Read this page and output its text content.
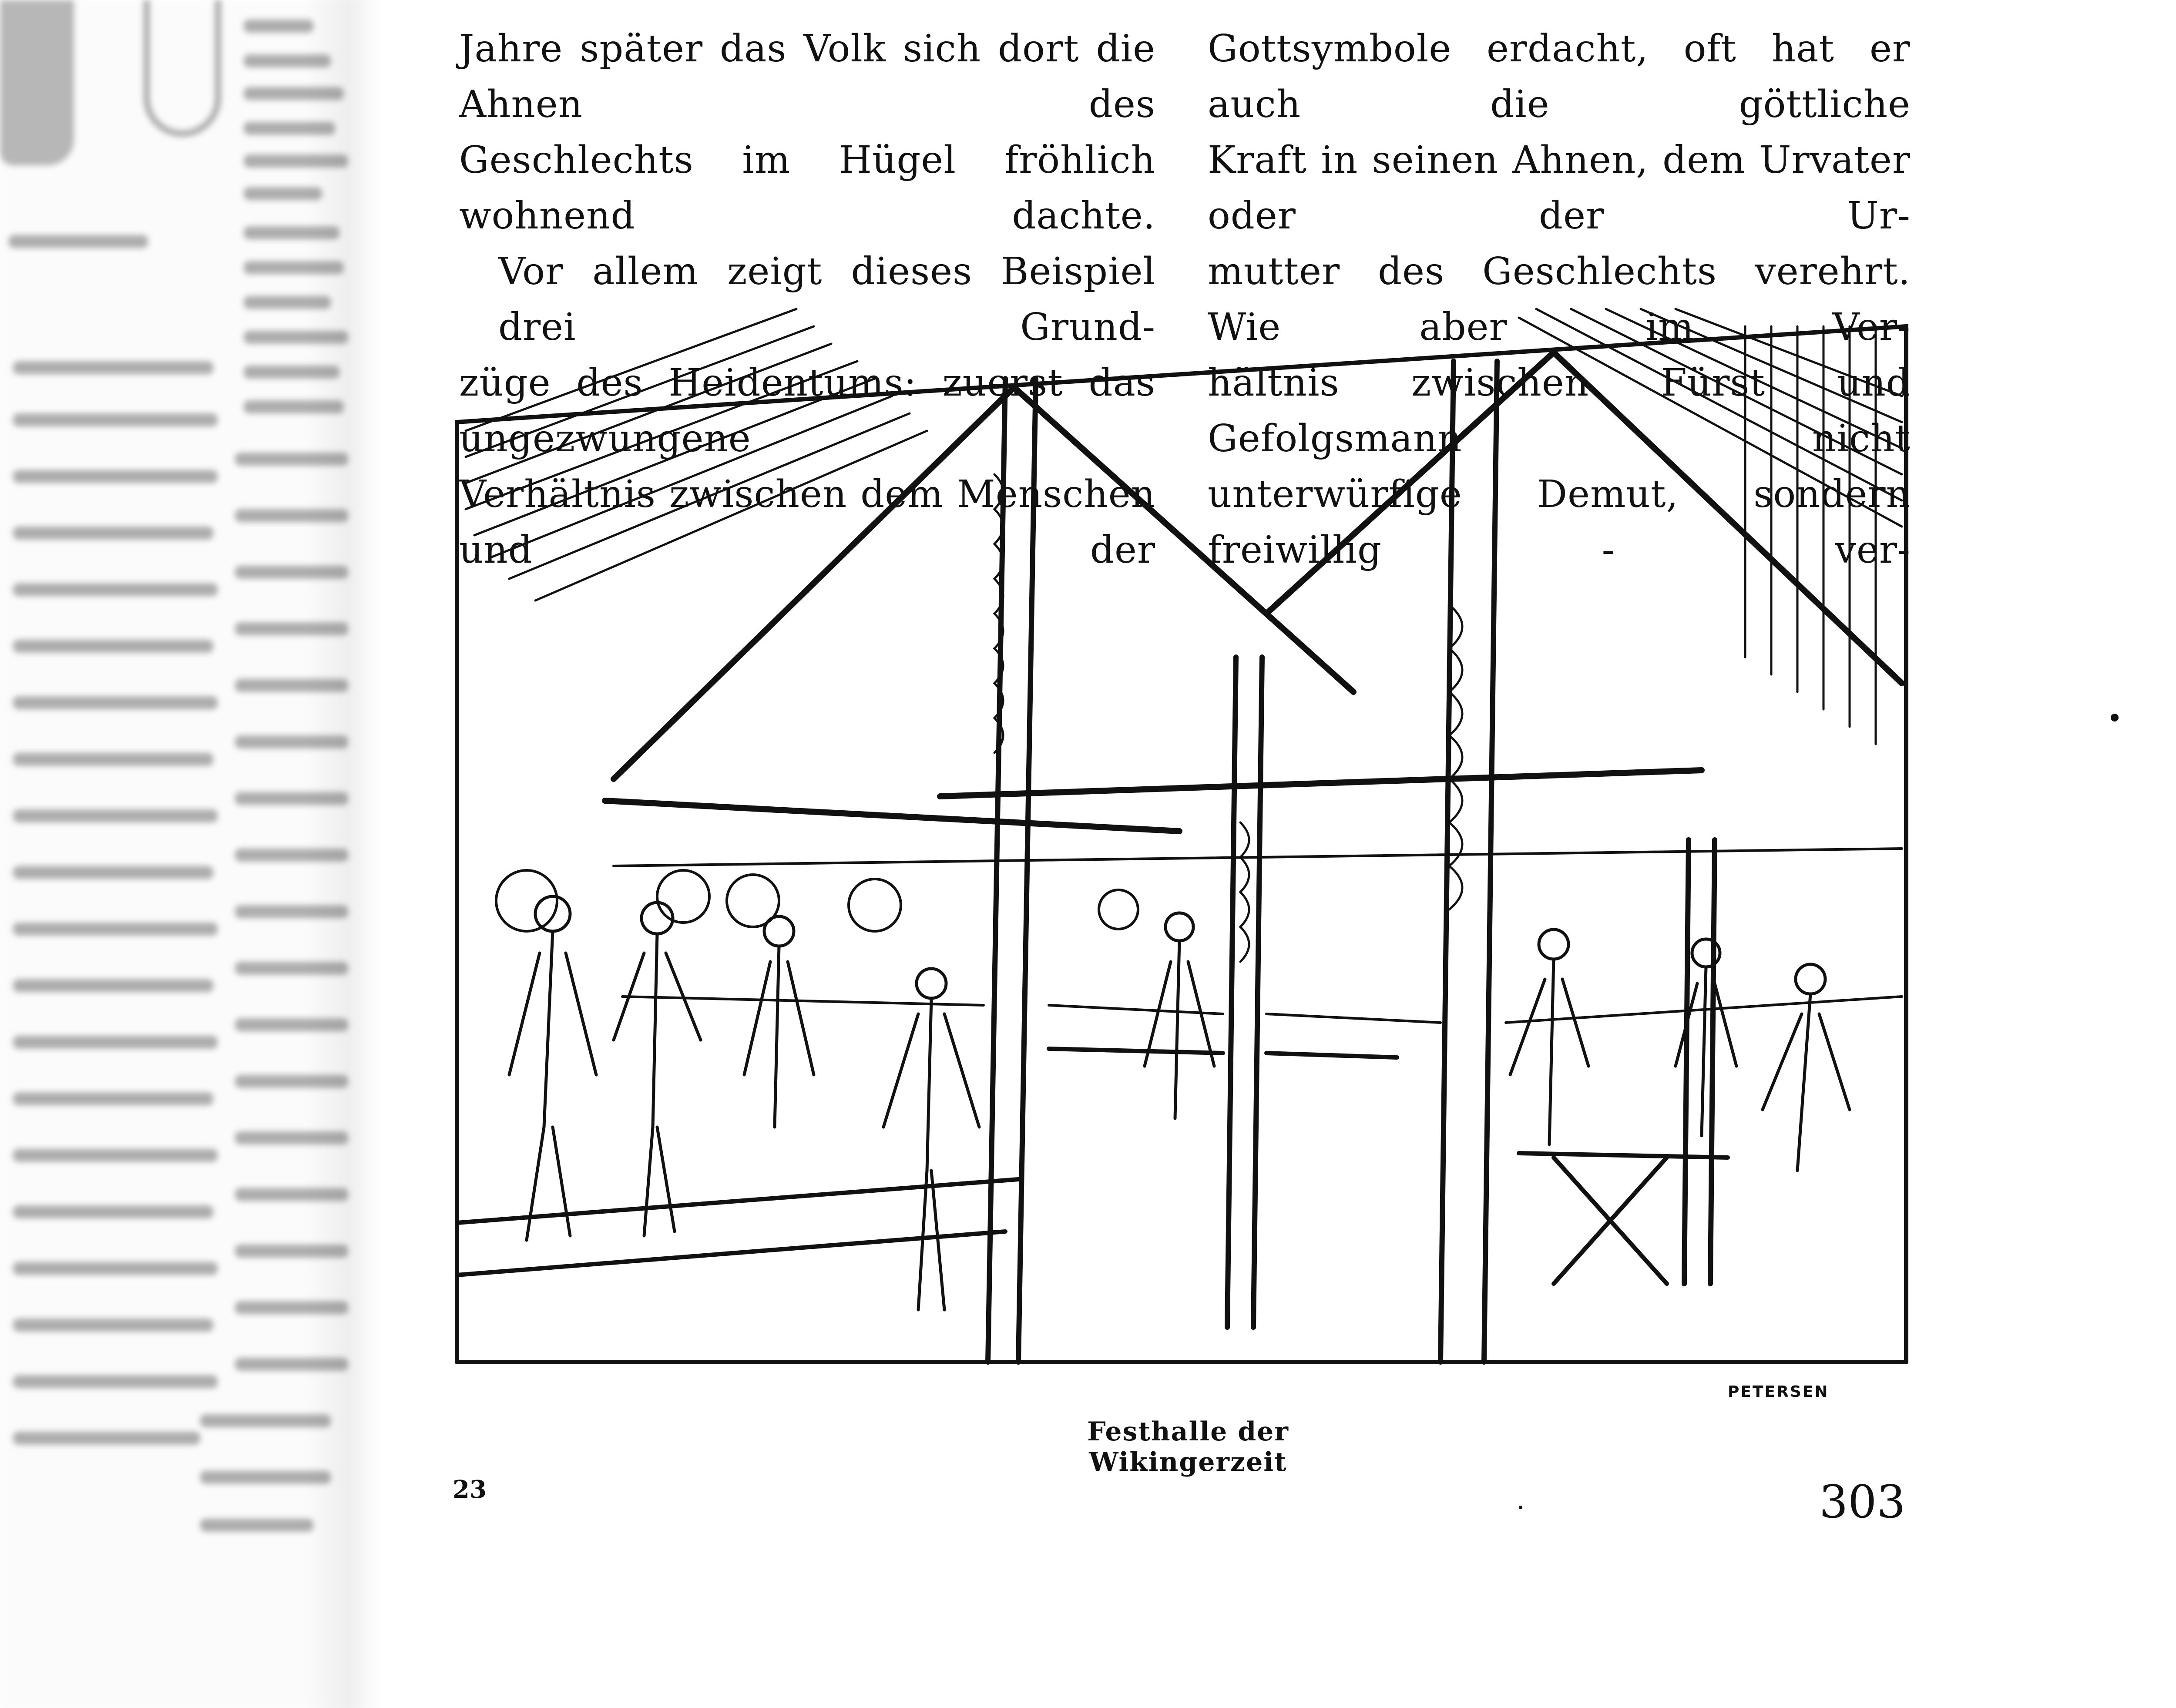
23

Jahre später das Volk sich dort die Ahnen des

Geschlechts im Hügel fröhlich wohnend dachte.

Vor allem zeigt dieses Beispiel drei Grund-

züge des Heidentums: zuerst das ungezwungene

Verhältnis zwischen dem Menschen und der

Gottsymbole erdacht, oft hat er auch die göttliche

Kraft in seinen Ahnen, dem Urvater oder der Ur-

mutter des Geschlechts verehrt. Wie aber im Ver-

hältnis zwischen Fürst und Gefolgsmann nicht

unterwürfige Demut, sondern freiwillig - ver-

PETERSEN
Festhalle der Wikingerzeit
303
